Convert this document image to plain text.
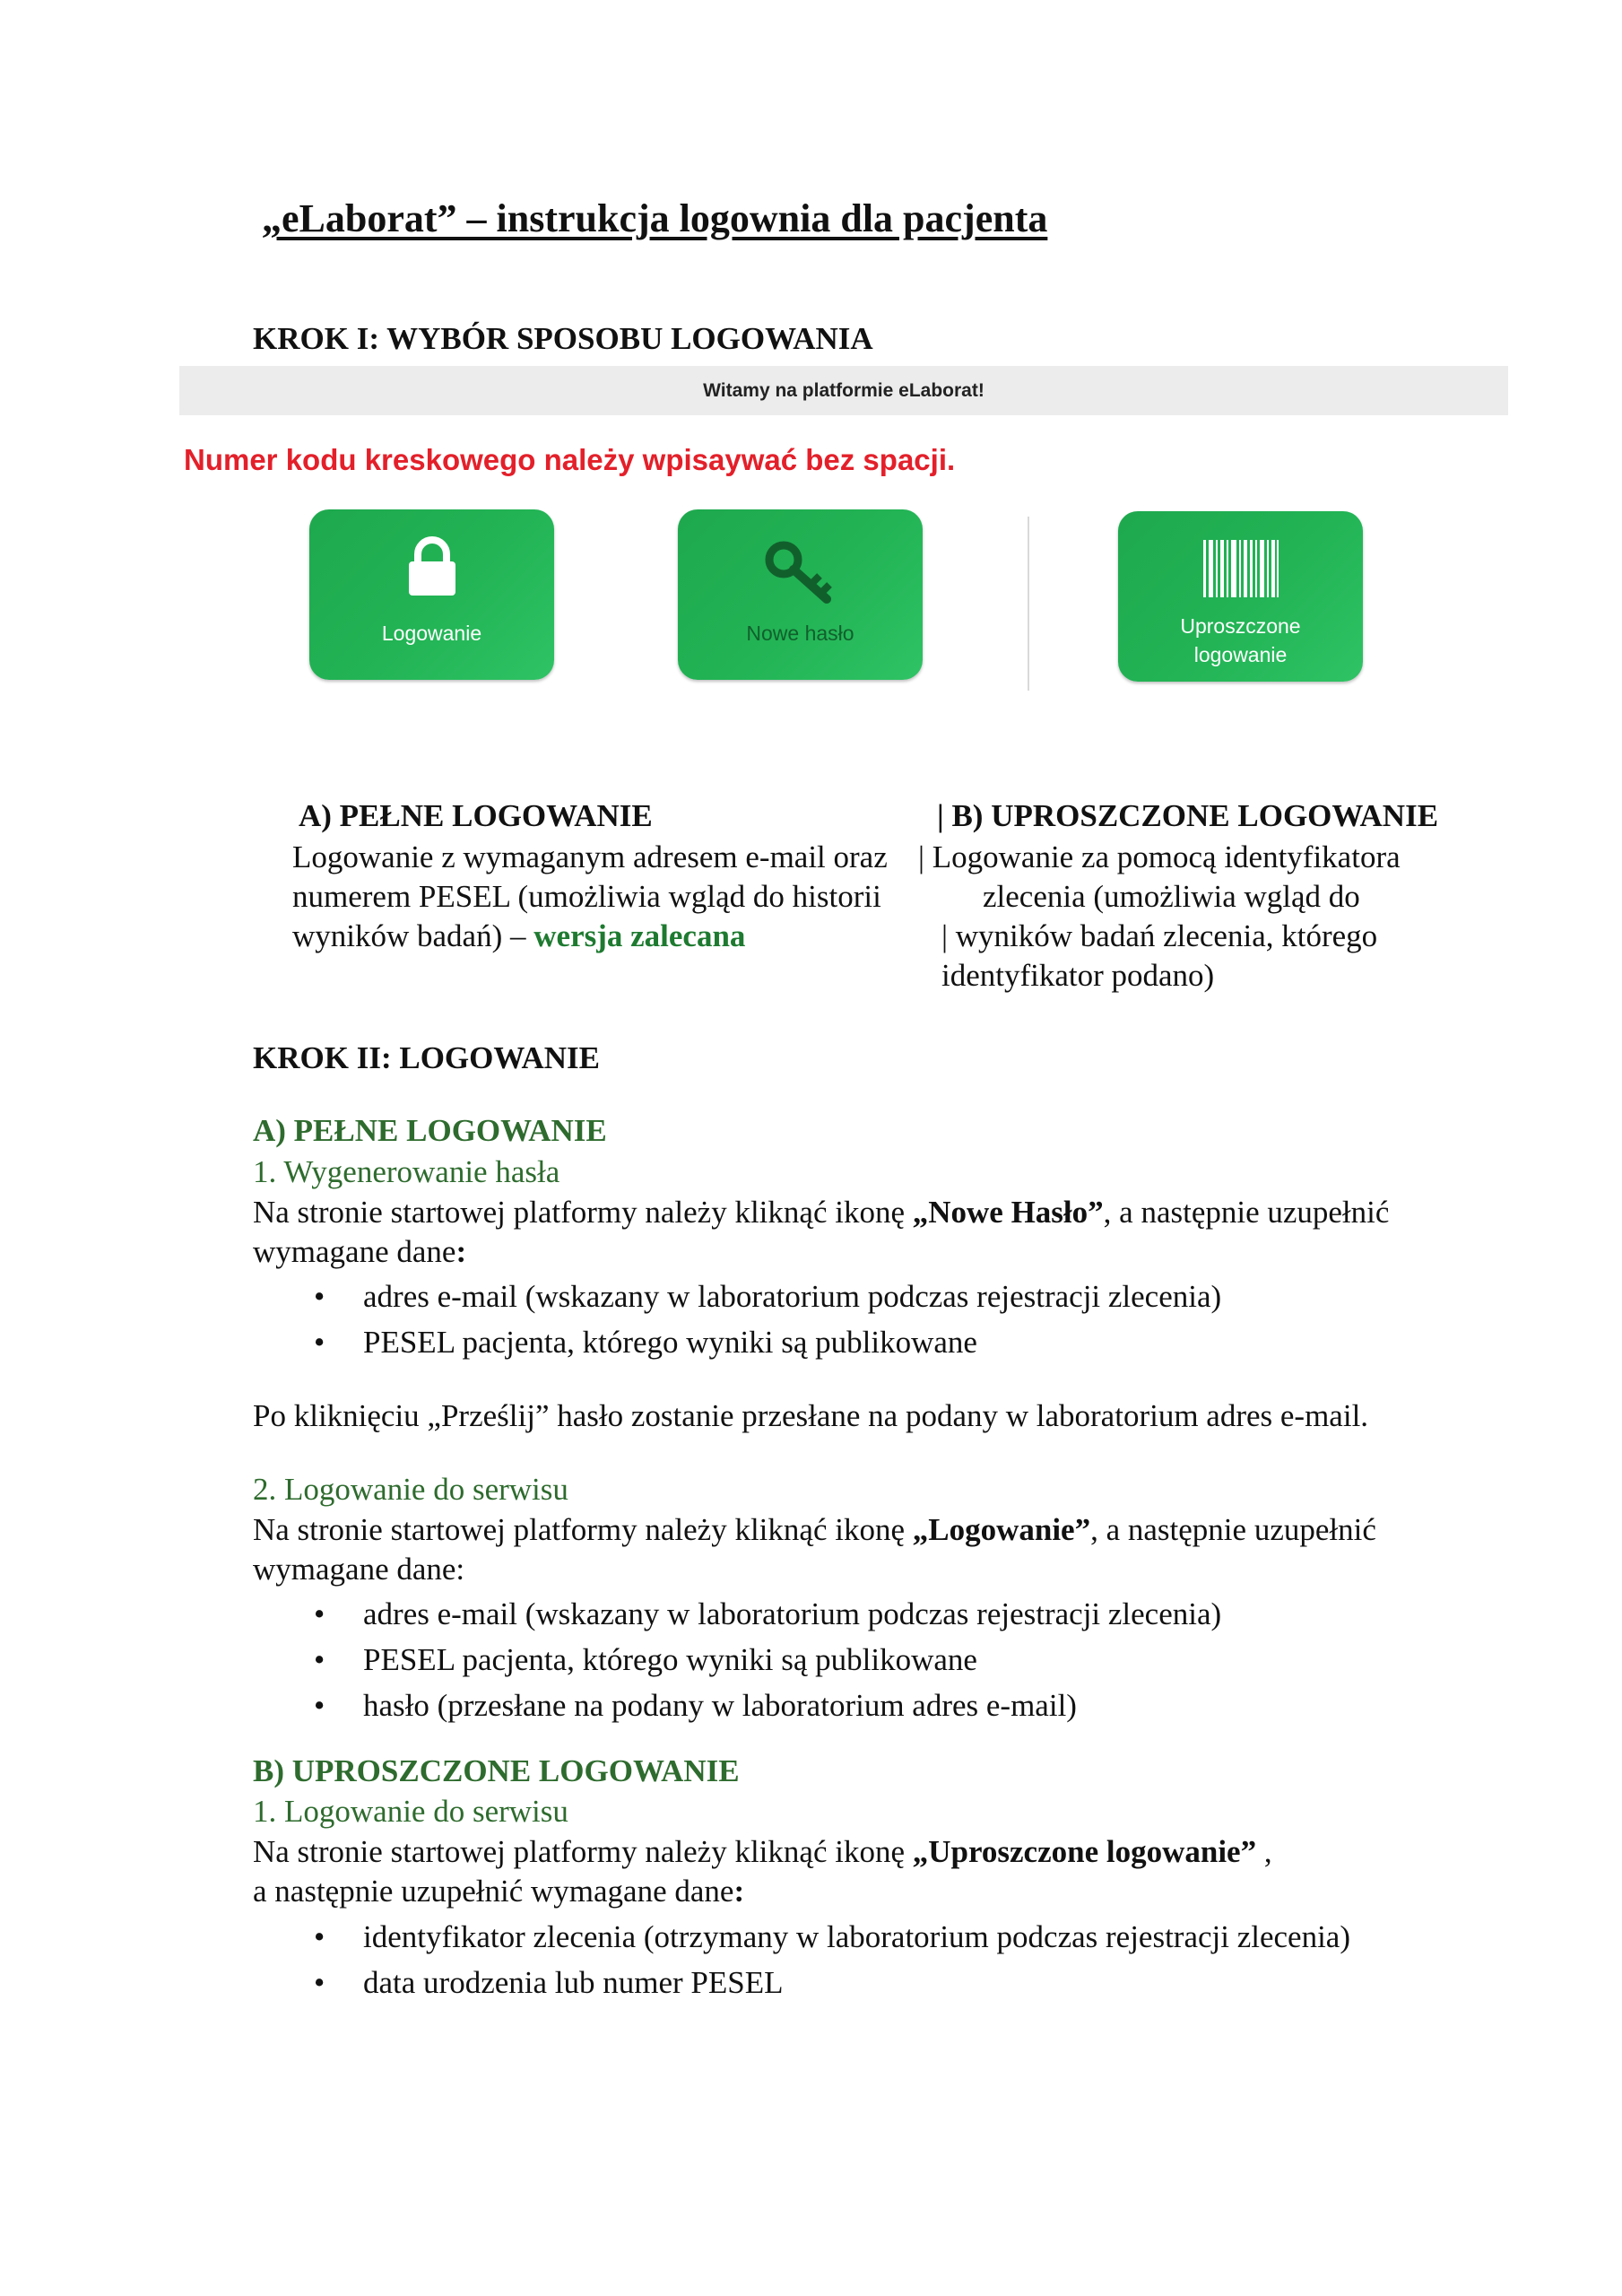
„eLaborat” – instrukcja logownia dla pacjenta
KROK I: WYBÓR SPOSOBU LOGOWANIA
Witamy na platformie eLaborat!
Numer kodu kreskowego należy wpisaywać bez spacji.
Logowanie	Nowe hasło	Uproszczone
logowanie
A) PEŁNE LOGOWANIE
Logowanie z wymaganym adresem e-mail oraz
numerem PESEL (umożliwia wgląd do historii
wyników badań) – wersja zalecana
| B) UPROSZCZONE LOGOWANIE
| Logowanie za pomocą identyfikatora
zlecenia (umożliwia wgląd do
| wyników badań zlecenia, którego
identyfikator podano)
KROK II: LOGOWANIE
A) PEŁNE LOGOWANIE
1. Wygenerowanie hasła
Na stronie startowej platformy należy kliknąć ikonę „Nowe Hasło”, a następnie uzupełnić
wymagane dane:
• adres e-mail (wskazany w laboratorium podczas rejestracji zlecenia)
• PESEL pacjenta, którego wyniki są publikowane
Po kliknięciu „Prześlij” hasło zostanie przesłane na podany w laboratorium adres e-mail.
2. Logowanie do serwisu
Na stronie startowej platformy należy kliknąć ikonę „Logowanie”, a następnie uzupełnić
wymagane dane:
• adres e-mail (wskazany w laboratorium podczas rejestracji zlecenia)
• PESEL pacjenta, którego wyniki są publikowane
• hasło (przesłane na podany w laboratorium adres e-mail)
B) UPROSZCZONE LOGOWANIE
1. Logowanie do serwisu
Na stronie startowej platformy należy kliknąć ikonę „Uproszczone logowanie” ,
a następnie uzupełnić wymagane dane:
• identyfikator zlecenia (otrzymany w laboratorium podczas rejestracji zlecenia)
• data urodzenia lub numer PESEL
